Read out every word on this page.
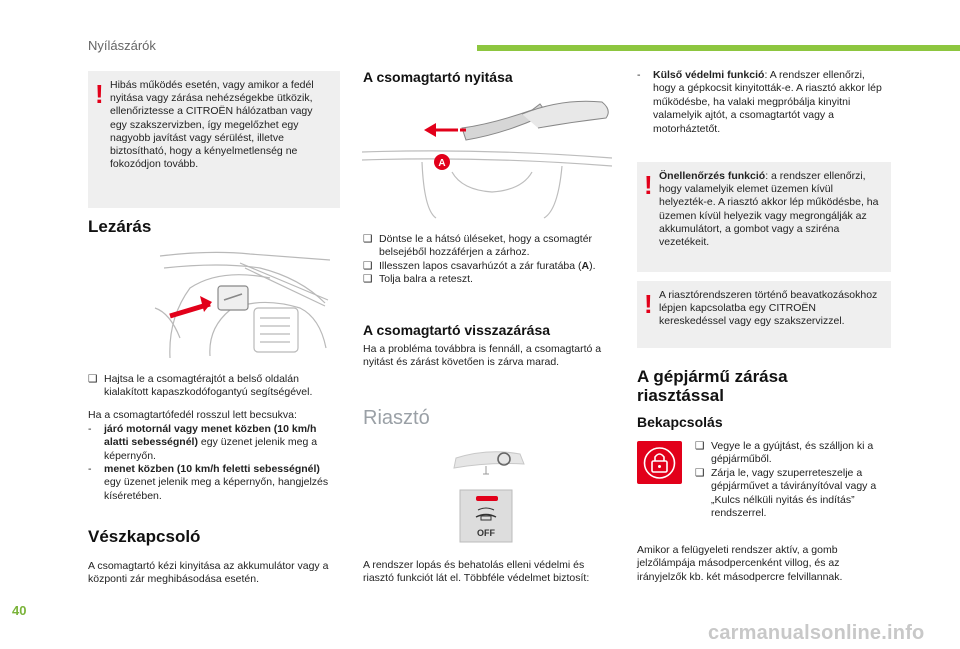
Nyílászárók
! Hibás működés esetén, vagy amikor a fedél nyitása vagy zárása nehézségekbe ütközik, ellenőriztesse a CITROËN hálózatban vagy egy szakszervizben, így megelőzhet egy nagyobb javítást vagy sérülést, illetve biztosítható, hogy a kényelmetlenség ne fokozódjon tovább.
Lezárás
❑ Hajtsa le a csomagtérajtót a belső oldalán kialakított kapaszkodófogantyú segítségével.
Ha a csomagtartófedél rosszul lett becsukva:
- járó motornál vagy menet közben (10 km/h alatti sebességnél) egy üzenet jelenik meg a képernyőn.
- menet közben (10 km/h feletti sebességnél) egy üzenet jelenik meg a képernyőn, hangjelzés kíséretében.
Vészkapcsoló
A csomagtartó kézi kinyitása az akkumulátor vagy a központi zár meghibásodása esetén.
A csomagtartó nyitása
A
❑ Döntse le a hátsó üléseket, hogy a csomagtér belsejéből hozzáférjen a zárhoz.
❑ Illesszen lapos csavarhúzót a zár furatába (A).
❑ Tolja balra a reteszt.
A csomagtartó visszazárása
Ha a probléma továbbra is fennáll, a csomagtartó a nyitást és zárást követően is zárva marad.
Riasztó
OFF
A rendszer lopás és behatolás elleni védelmi és riasztó funkciót lát el. Többféle védelmet biztosít:
- Külső védelmi funkció: A rendszer ellenőrzi, hogy a gépkocsit kinyitották-e. A riasztó akkor lép működésbe, ha valaki megpróbálja kinyitni valamelyik ajtót, a csomagtartót vagy a motorháztetőt.
! Önellenőrzés funkció: a rendszer ellenőrzi, hogy valamelyik elemet üzemen kívül helyezték-e. A riasztó akkor lép működésbe, ha üzemen kívül helyezik vagy megrongálják az akkumulátort, a gombot vagy a sziréna vezetékeit.
! A riasztórendszeren történő beavatkozásokhoz lépjen kapcsolatba egy CITROËN kereskedéssel vagy egy szakszervizzel.
A gépjármű zárása riasztással
Bekapcsolás
❑ Vegye le a gyújtást, és szálljon ki a gépjárműből.
❑ Zárja le, vagy szuperreteszelje a gépjárművet a távirányítóval vagy a „Kulcs nélküli nyitás és indítás” rendszerrel.
Amikor a felügyeleti rendszer aktív, a gomb jelzőlámpája másodpercenként villog, és az irányjelzők kb. két másodpercre felvillannak.
40
carmanualsonline.info
